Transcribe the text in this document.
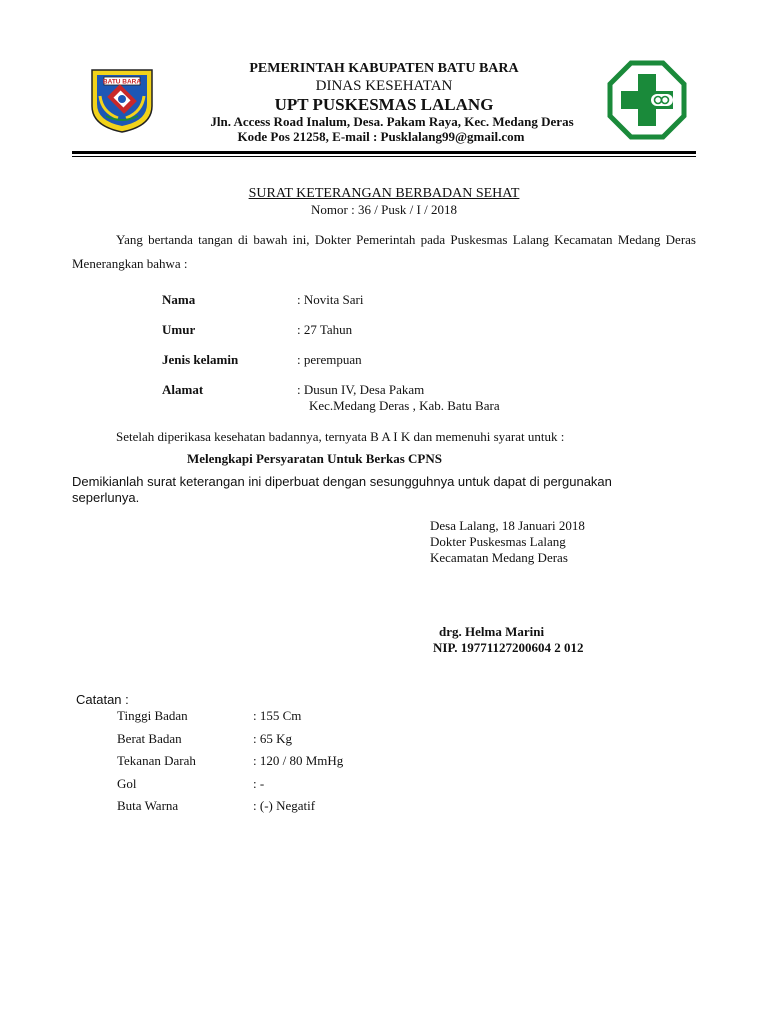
BATU BARA
PEMERINTAH KABUPATEN BATU BARA
DINAS KESEHATAN
UPT PUSKESMAS LALANG
Jln. Access Road Inalum, Desa. Pakam Raya, Kec. Medang Deras
Kode Pos 21258, E-mail : Pusklalang99@gmail.com
SURAT KETERANGAN BERBADAN SEHAT
Nomor : 36 / Pusk / I / 2018
Yang bertanda tangan di bawah ini, Dokter Pemerintah pada Puskesmas Lalang Kecamatan Medang Deras Menerangkan bahwa :
Nama	: Novita Sari
Umur	: 27 Tahun
Jenis kelamin	: perempuan
Alamat	: Dusun IV, Desa Pakam
Kec.Medang Deras , Kab. Batu Bara
Setelah diperikasa kesehatan badannya, ternyata B A I K dan memenuhi syarat untuk :
Melengkapi Persyaratan Untuk Berkas CPNS
Demikianlah surat keterangan ini diperbuat dengan sesungguhnya untuk dapat di pergunakan seperlunya.
Desa Lalang, 18 Januari 2018
Dokter Puskesmas Lalang
Kecamatan Medang Deras
drg. Helma Marini
NIP. 19771127200604 2 012
Catatan :
Tinggi Badan	: 155 Cm
Berat Badan	: 65 Kg
Tekanan Darah	: 120 / 80 MmHg
Gol	: -
Buta Warna	: (-) Negatif
